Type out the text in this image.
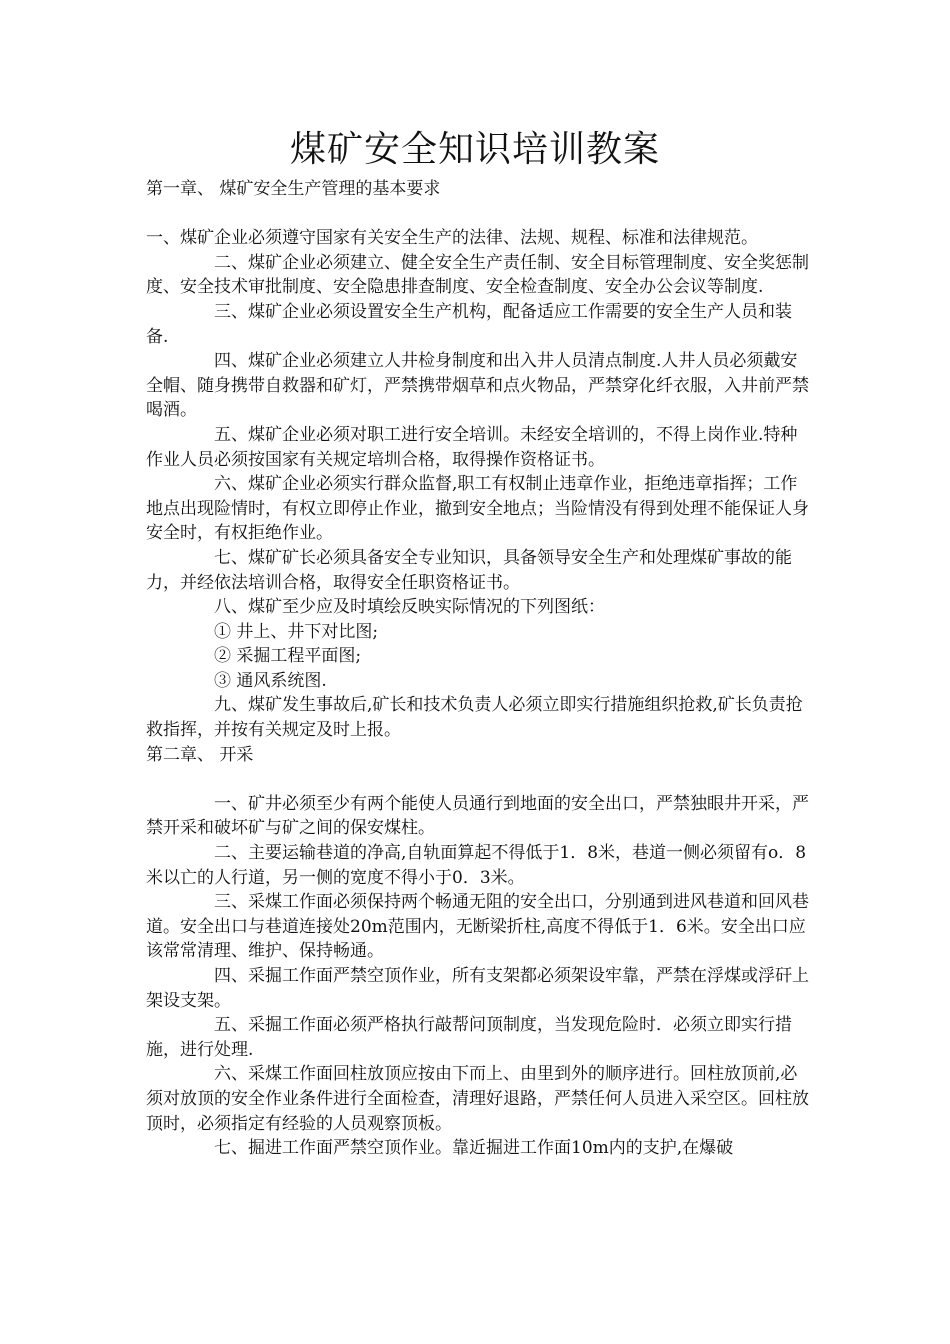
煤矿安全知识培训教案

第一章、 煤矿安全生产管理的基本要求

一、煤矿企业必须遵守国家有关安全生产的法律、法规、规程、标准和法律规范。

二、煤矿企业必须建立、健全安全生产责任制、安全目标管理制度、安全奖惩制度、安全技术审批制度、安全隐患排查制度、安全检查制度、安全办公会议等制度.

三、煤矿企业必须设置安全生产机构，配备适应工作需要的安全生产人员和装备.

四、煤矿企业必须建立人井检身制度和出入井人员清点制度.人井人员必须戴安全帽、随身携带自救器和矿灯，严禁携带烟草和点火物品，严禁穿化纤衣服，入井前严禁喝酒。

五、煤矿企业必须对职工进行安全培训。未经安全培训的，不得上岗作业.特种作业人员必须按国家有关规定培圳合格，取得操作资格证书。

六、煤矿企业必须实行群众监督,职工有权制止违章作业，拒绝违章指挥；工作地点出现险情时，有权立即停止作业，撤到安全地点；当险情没有得到处理不能保证人身安全时，有权拒绝作业。

七、煤矿矿长必须具备安全专业知识，具备领导安全生产和处理煤矿事故的能力，并经依法培训合格，取得安全任职资格证书。

八、煤矿至少应及时填绘反映实际情况的下列图纸：

① 井上、井下对比图;

② 采掘工程平面图;

③ 通风系统图.

九、煤矿发生事故后,矿长和技术负责人必须立即实行措施组织抢救,矿长负责抢救指挥，并按有关规定及时上报。

第二章、 开采

一、矿井必须至少有两个能使人员通行到地面的安全出口，严禁独眼井开采，严禁开采和破坏矿与矿之间的保安煤柱。

二、主要运输巷道的净高,自轨面算起不得低于1．8米，巷道一侧必须留有o．8米以亡的人行道，另一侧的宽度不得小于0．3米。

三、采煤工作面必须保持两个畅通无阻的安全出口，分别通到进风巷道和回风巷道。安全出口与巷道连接处20m范围内，无断梁折柱,高度不得低于1．6米。安全出口应该常常清理、维护、保持畅通。

四、采掘工作面严禁空顶作业，所有支架都必须架设牢靠，严禁在浮煤或浮矸上架设支架。

五、采掘工作面必须严格执行敲帮问顶制度，当发现危险时．必须立即实行措施，进行处理.

六、采煤工作面回柱放顶应按由下而上、由里到外的顺序进行。回柱放顶前,必须对放顶的安全作业条件进行全面检查，清理好退路，严禁任何人员进入采空区。回柱放顶时，必须指定有经验的人员观察顶板。

七、掘进工作面严禁空顶作业。靠近掘进工作面10m内的支护,在爆破
